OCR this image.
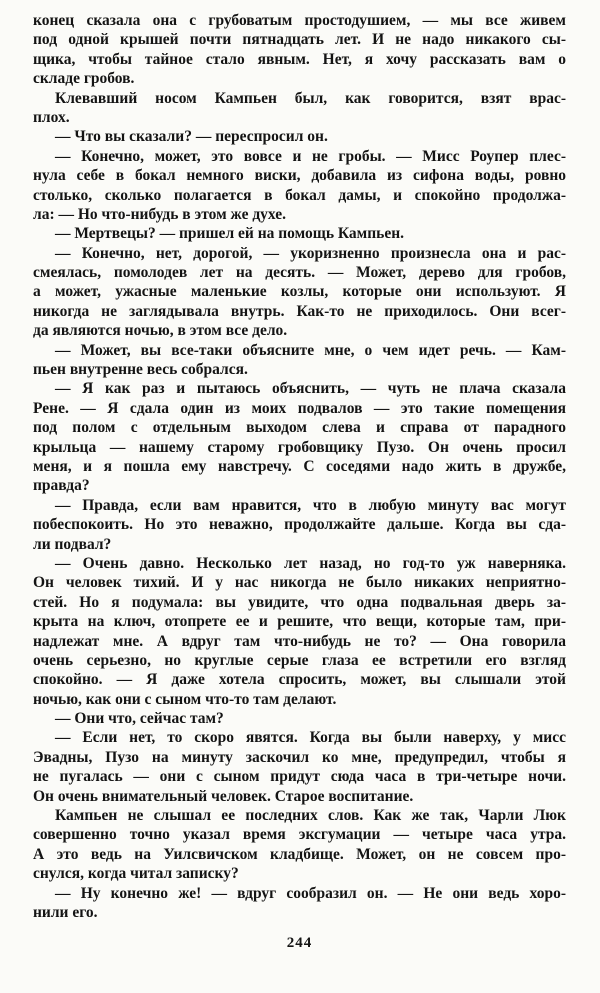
конец сказала она с грубоватым простодушием, — мы все живем
под одной крышей почти пятнадцать лет. И не надо никакого сы-
щика, чтобы тайное стало явным. Нет, я хочу рассказать вам о
складе гробов.
Клевавший носом Кампьен был, как говорится, взят врас-
плох.
— Что вы сказали? — переспросил он.
— Конечно, может, это вовсе и не гробы. — Мисс Роупер плес-
нула себе в бокал немного виски, добавила из сифона воды, ровно
столько, сколько полагается в бокал дамы, и спокойно продолжа-
ла: — Но что-нибудь в этом же духе.
— Мертвецы? — пришел ей на помощь Кампьен.
— Конечно, нет, дорогой, — укоризненно произнесла она и рас-
смеялась, помолодев лет на десять. — Может, дерево для гробов,
а может, ужасные маленькие козлы, которые они используют. Я
никогда не заглядывала внутрь. Как-то не приходилось. Они всег-
да являются ночью, в этом все дело.
— Может, вы все-таки объясните мне, о чем идет речь. — Кам-
пьен внутренне весь собрался.
— Я как раз и пытаюсь объяснить, — чуть не плача сказала
Рене. — Я сдала один из моих подвалов — это такие помещения
под полом с отдельным выходом слева и справа от парадного
крыльца — нашему старому гробовщику Пузо. Он очень просил
меня, и я пошла ему навстречу. С соседями надо жить в дружбе,
правда?
— Правда, если вам нравится, что в любую минуту вас могут
побеспокоить. Но это неважно, продолжайте дальше. Когда вы сда-
ли подвал?
— Очень давно. Несколько лет назад, но год-то уж наверняка.
Он человек тихий. И у нас никогда не было никаких неприятно-
стей. Но я подумала: вы увидите, что одна подвальная дверь за-
крыта на ключ, отопрете ее и решите, что вещи, которые там, при-
надлежат мне. А вдруг там что-нибудь не то? — Она говорила
очень серьезно, но круглые серые глаза ее встретили его взгляд
спокойно. — Я даже хотела спросить, может, вы слышали этой
ночью, как они с сыном что-то там делают.
— Они что, сейчас там?
— Если нет, то скоро явятся. Когда вы были наверху, у мисс
Эвадны, Пузо на минуту заскочил ко мне, предупредил, чтобы я
не пугалась — они с сыном придут сюда часа в три-четыре ночи.
Он очень внимательный человек. Старое воспитание.
Кампьен не слышал ее последних слов. Как же так, Чарли Люк
совершенно точно указал время эксгумации — четыре часа утра.
А это ведь на Уилсвичском кладбище. Может, он не совсем про-
снулся, когда читал записку?
— Ну конечно же! — вдруг сообразил он. — Не они ведь хоро-
нили его.
244
